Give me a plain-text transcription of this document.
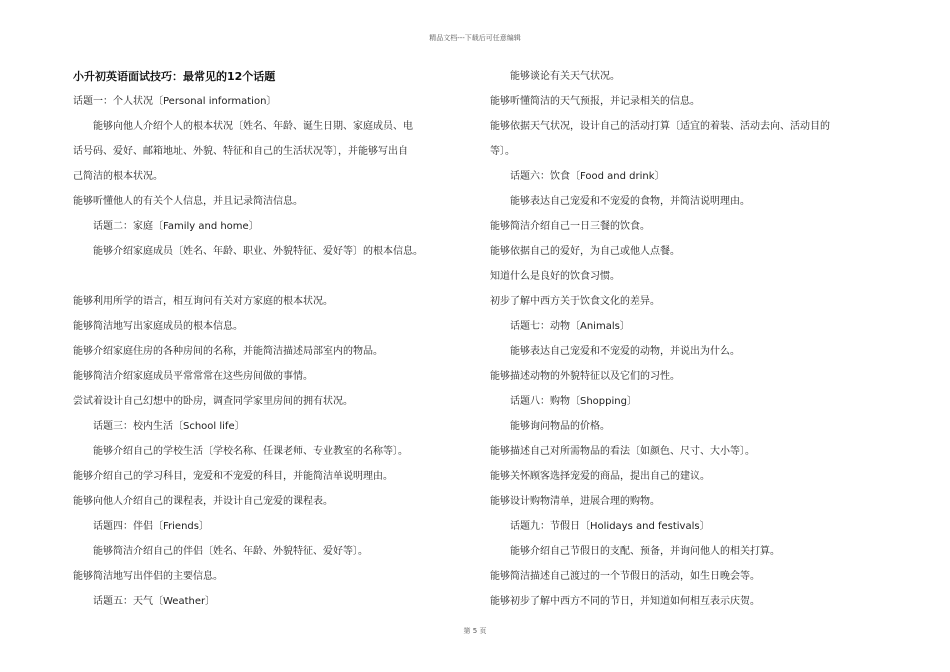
精品文档---下载后可任意编辑
小升初英语面试技巧：最常见的12个话题
话题一：个人状况〔Personal information〕
能够向他人介绍个人的根本状况〔姓名、年龄、诞生日期、家庭成员、电
话号码、爱好、邮箱地址、外貌、特征和自己的生活状况等〕，并能够写出自
己简洁的根本状况。
能够听懂他人的有关个人信息，并且记录简洁信息。
话题二：家庭〔Family and home〕
能够介绍家庭成员〔姓名、年龄、职业、外貌特征、爱好等〕的根本信息。
能够利用所学的语言，相互询问有关对方家庭的根本状况。
能够简洁地写出家庭成员的根本信息。
能够介绍家庭住房的各种房间的名称，并能简洁描述局部室内的物品。
能够简洁介绍家庭成员平常常常在这些房间做的事情。
尝试着设计自己幻想中的卧房，调查同学家里房间的拥有状况。
话题三：校内生活〔School life〕
能够介绍自己的学校生活〔学校名称、任课老师、专业教室的名称等〕。
能够介绍自己的学习科目，宠爱和不宠爱的科目，并能简洁单说明理由。
能够向他人介绍自己的课程表，并设计自己宠爱的课程表。
话题四：伴侣〔Friends〕
能够简洁介绍自己的伴侣〔姓名、年龄、外貌特征、爱好等〕。
能够简洁地写出伴侣的主要信息。
话题五：天气〔Weather〕
能够谈论有关天气状况。
能够听懂简洁的天气预报，并记录相关的信息。
能够依据天气状况，设计自己的活动打算〔适宜的着装、活动去向、活动目的
等〕。
话题六：饮食〔Food and drink〕
能够表达自己宠爱和不宠爱的食物，并简洁说明理由。
能够简洁介绍自己一日三餐的饮食。
能够依据自己的爱好，为自己或他人点餐。
知道什么是良好的饮食习惯。
初步了解中西方关于饮食文化的差异。
话题七：动物〔Animals〕
能够表达自己宠爱和不宠爱的动物，并说出为什么。
能够描述动物的外貌特征以及它们的习性。
话题八：购物〔Shopping〕
能够询问物品的价格。
能够描述自己对所需物品的看法〔如颜色、尺寸、大小等〕。
能够关怀顾客选择宠爱的商品，提出自己的建议。
能够设计购物清单，进展合理的购物。
话题九：节假日〔Holidays and festivals〕
能够介绍自己节假日的支配、预备，并询问他人的相关打算。
能够简洁描述自己渡过的一个节假日的活动，如生日晚会等。
能够初步了解中西方不同的节日，并知道如何相互表示庆贺。
第 5 页
